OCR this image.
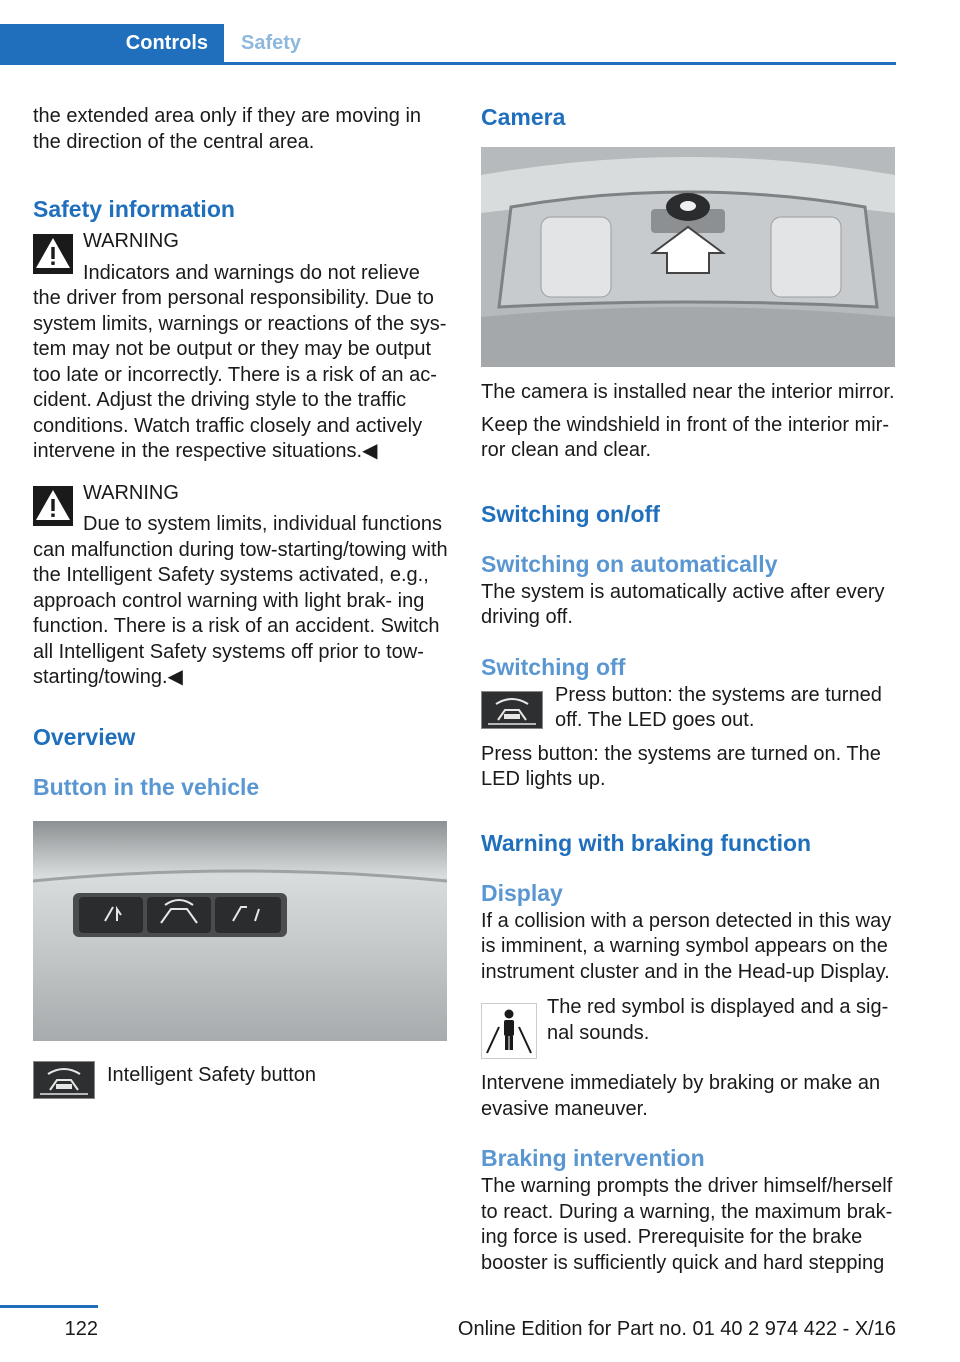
Controls	Safety

the extended area only if they are moving in the direction of the central area.

Safety information

WARNING

Indicators and warnings do not relieve the driver from personal responsibility. Due to system limits, warnings or reactions of the sys‐ tem may not be output or they may be output too late or incorrectly. There is a risk of an ac‐ cident. Adjust the driving style to the traffic conditions. Watch traffic closely and actively intervene in the respective situations.◀

WARNING

Due to system limits, individual functions can malfunction during tow-starting/towing with the Intelligent Safety systems activated, e.g., approach control warning with light brak‐ ing function. There is a risk of an accident. Switch all Intelligent Safety systems off prior to tow-starting/towing.◀

Overview
Button in the vehicle

Intelligent Safety button

Camera

The camera is installed near the interior mirror.

Keep the windshield in front of the interior mir‐ ror clean and clear.

Switching on/off
Switching on automatically

The system is automatically active after every driving off.

Switching off

Press button: the systems are turned off. The LED goes out.

Press button: the systems are turned on. The LED lights up.

Warning with braking function
Display

If a collision with a person detected in this way is imminent, a warning symbol appears on the instrument cluster and in the Head-up Display.

The red symbol is displayed and a sig‐ nal sounds.

Intervene immediately by braking or make an evasive maneuver.

Braking intervention

The warning prompts the driver himself/herself to react. During a warning, the maximum brak‐ ing force is used. Prerequisite for the brake booster is sufficiently quick and hard stepping

122	Online Edition for Part no. 01 40 2 974 422 - X/16
